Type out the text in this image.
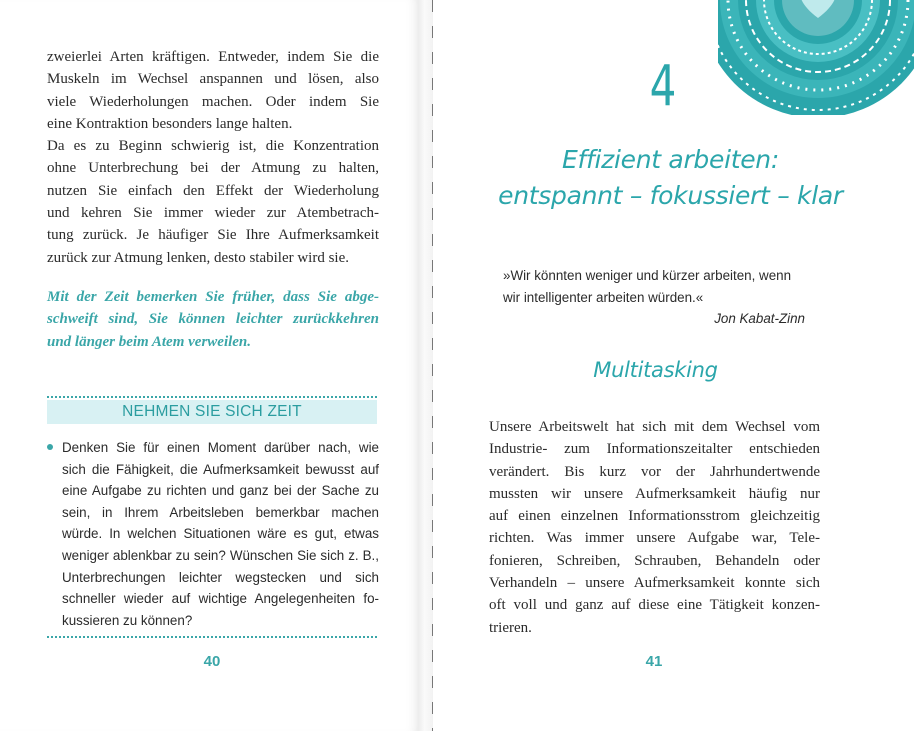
zweierlei Arten kräftigen. Entweder, indem Sie die
Muskeln im Wechsel anspannen und lösen, also
viele Wiederholungen machen. Oder indem Sie
eine Kontraktion besonders lange halten.
Da es zu Beginn schwierig ist, die Konzentration
ohne Unterbrechung bei der Atmung zu halten,
nutzen Sie einfach den Effekt der Wiederholung
und kehren Sie immer wieder zur Atembetrach-
tung zurück. Je häufiger Sie Ihre Aufmerksamkeit
zurück zur Atmung lenken, desto stabiler wird sie.

Mit der Zeit bemerken Sie früher, dass Sie abge-
schweift sind, Sie können leichter zurückkehren
und länger beim Atem verweilen.

NEHMEN SIE SICH ZEIT
Denken Sie für einen Moment darüber nach, wie
sich die Fähigkeit, die Aufmerksamkeit bewusst auf
eine Aufgabe zu richten und ganz bei der Sache zu
sein, in Ihrem Arbeitsleben bemerkbar machen
würde. In welchen Situationen wäre es gut, etwas
weniger ablenkbar zu sein? Wünschen Sie sich z. B.,
Unterbrechungen leichter wegstecken und sich
schneller wieder auf wichtige Angelegenheiten fo-
kussieren zu können?
40
4
Effizient arbeiten:
entspannt – fokussiert – klar
»Wir könnten weniger und kürzer arbeiten, wenn
wir intelligenter arbeiten würden.«
Jon Kabat-Zinn
Multitasking

Unsere Arbeitswelt hat sich mit dem Wechsel vom
Industrie- zum Informationszeitalter entschieden
verändert. Bis kurz vor der Jahrhundertwende
mussten wir unsere Aufmerksamkeit häufig nur
auf einen einzelnen Informationsstrom gleichzeitig
richten. Was immer unsere Aufgabe war, Tele-
fonieren, Schreiben, Schrauben, Behandeln oder
Verhandeln – unsere Aufmerksamkeit konnte sich
oft voll und ganz auf diese eine Tätigkeit konzen-
trieren.

41
